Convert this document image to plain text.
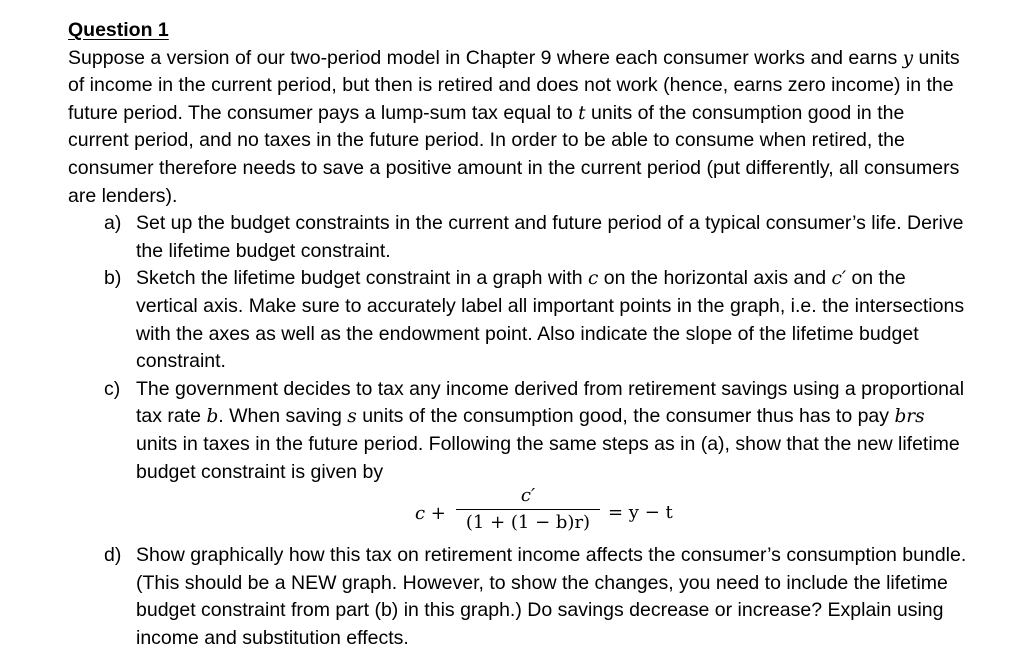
Question 1

Suppose a version of our two-period model in Chapter 9 where each consumer works and earns y units of income in the current period, but then is retired and does not work (hence, earns zero income) in the future period. The consumer pays a lump-sum tax equal to t units of the consumption good in the current period, and no taxes in the future period. In order to be able to consume when retired, the consumer therefore needs to save a positive amount in the current period (put differently, all consumers are lenders).

a) Set up the budget constraints in the current and future period of a typical consumer’s life. Derive the lifetime budget constraint.
b) Sketch the lifetime budget constraint in a graph with c on the horizontal axis and c′ on the vertical axis. Make sure to accurately label all important points in the graph, i.e. the intersections with the axes as well as the endowment point. Also indicate the slope of the lifetime budget constraint.
c) The government decides to tax any income derived from retirement savings using a proportional tax rate b. When saving s units of the consumption good, the consumer thus has to pay brs units in taxes in the future period. Following the same steps as in (a), show that the new lifetime budget constraint is given by
c +
c′
(1 + (1 − b)r) = y − t
d) Show graphically how this tax on retirement income affects the consumer’s consumption bundle. (This should be a NEW graph. However, to show the changes, you need to include the lifetime budget constraint from part (b) in this graph.) Do savings decrease or increase? Explain using income and substitution effects.
